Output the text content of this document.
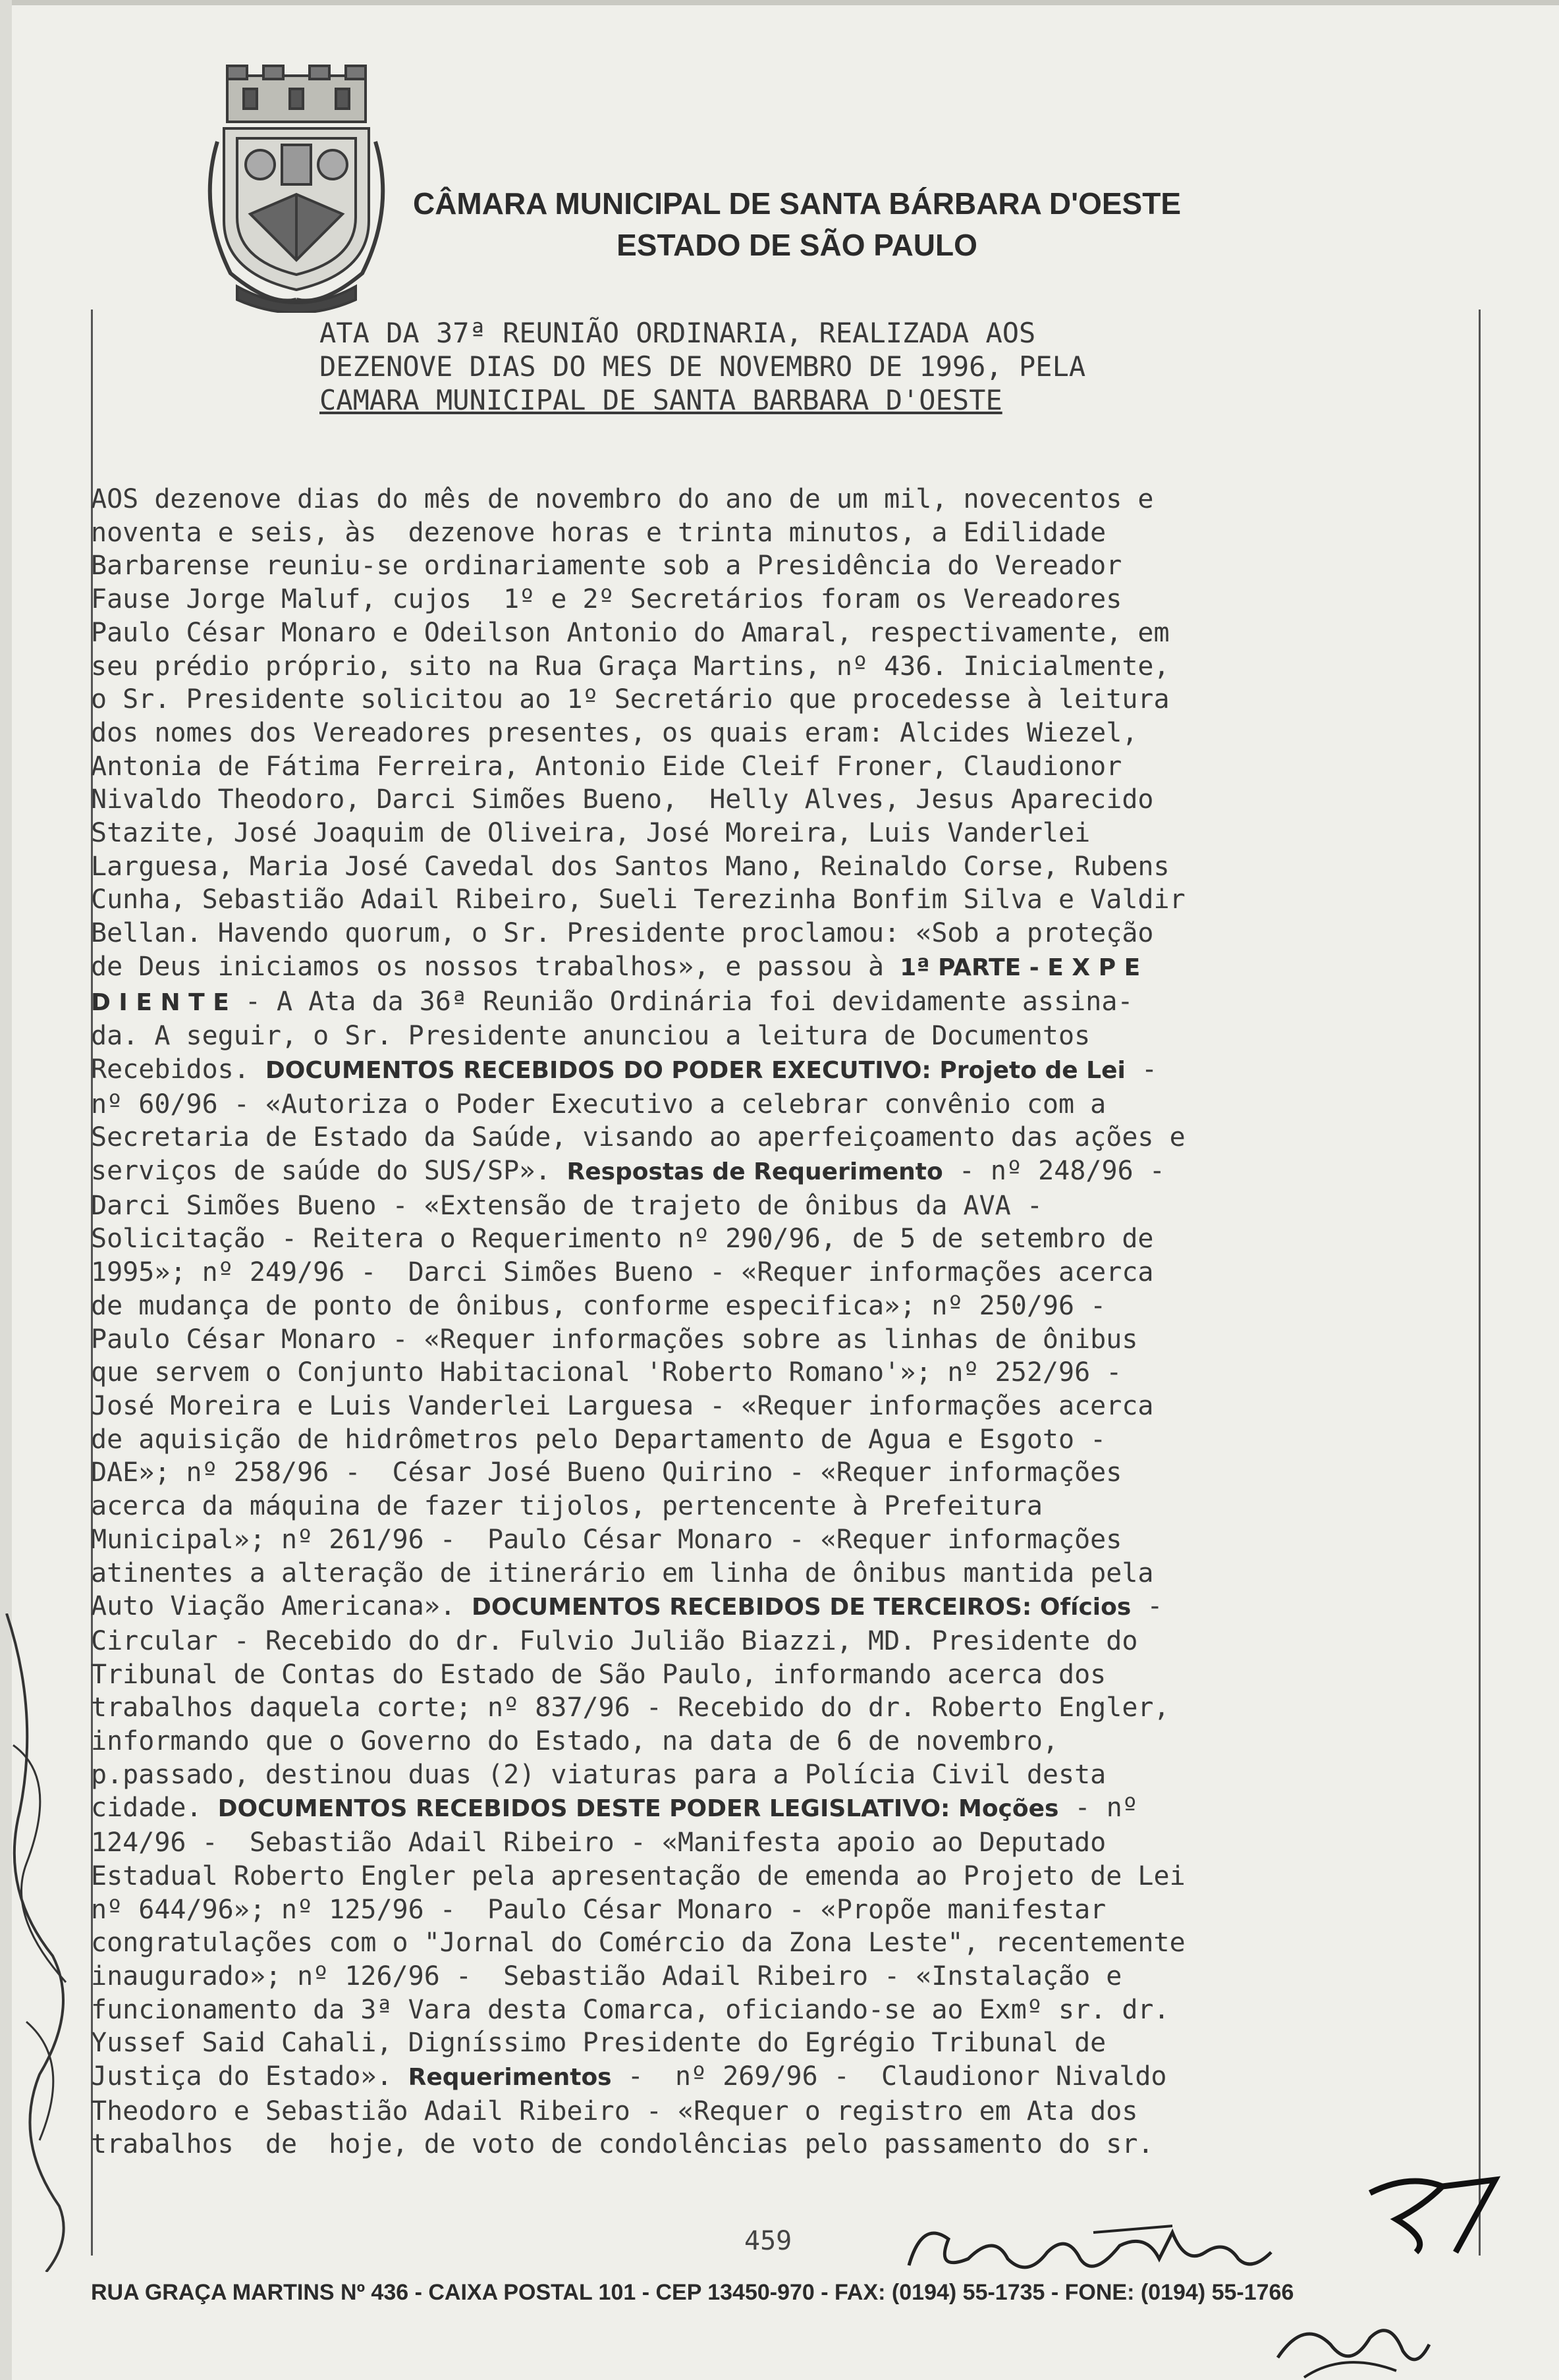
CÂMARA MUNICIPAL DE SANTA BÁRBARA D'OESTE
ESTADO DE SÃO PAULO
ATA DA 37ª REUNIÃO ORDINARIA, REALIZADA AOS
DEZENOVE DIAS DO MES DE NOVEMBRO DE 1996, PELA
CAMARA MUNICIPAL DE SANTA BARBARA D'OESTE
AOS dezenove dias do mês de novembro do ano de um mil, novecentos e
noventa e seis, às  dezenove horas e trinta minutos, a Edilidade
Barbarense reuniu-se ordinariamente sob a Presidência do Vereador
Fause Jorge Maluf, cujos  1º e 2º Secretários foram os Vereadores
Paulo César Monaro e Odeilson Antonio do Amaral, respectivamente, em
seu prédio próprio, sito na Rua Graça Martins, nº 436. Inicialmente,
o Sr. Presidente solicitou ao 1º Secretário que procedesse à leitura
dos nomes dos Vereadores presentes, os quais eram: Alcides Wiezel,
Antonia de Fátima Ferreira, Antonio Eide Cleif Froner, Claudionor
Nivaldo Theodoro, Darci Simões Bueno,  Helly Alves, Jesus Aparecido
Stazite, José Joaquim de Oliveira, José Moreira, Luis Vanderlei
Larguesa, Maria José Cavedal dos Santos Mano, Reinaldo Corse, Rubens
Cunha, Sebastião Adail Ribeiro, Sueli Terezinha Bonfim Silva e Valdir
Bellan. Havendo quorum, o Sr. Presidente proclamou: «Sob a proteção
de Deus iniciamos os nossos trabalhos», e passou à 1ª PARTE - E X P E
D I E N T E - A Ata da 36ª Reunião Ordinária foi devidamente assina-
da. A seguir, o Sr. Presidente anunciou a leitura de Documentos
Recebidos. DOCUMENTOS RECEBIDOS DO PODER EXECUTIVO: Projeto de Lei -
nº 60/96 - «Autoriza o Poder Executivo a celebrar convênio com a
Secretaria de Estado da Saúde, visando ao aperfeiçoamento das ações e
serviços de saúde do SUS/SP». Respostas de Requerimento - nº 248/96 -
Darci Simões Bueno - «Extensão de trajeto de ônibus da AVA -
Solicitação - Reitera o Requerimento nº 290/96, de 5 de setembro de
1995»; nº 249/96 -  Darci Simões Bueno - «Requer informações acerca
de mudança de ponto de ônibus, conforme especifica»; nº 250/96 -
Paulo César Monaro - «Requer informações sobre as linhas de ônibus
que servem o Conjunto Habitacional 'Roberto Romano'»; nº 252/96 -
José Moreira e Luis Vanderlei Larguesa - «Requer informações acerca
de aquisição de hidrômetros pelo Departamento de Agua e Esgoto -
DAE»; nº 258/96 -  César José Bueno Quirino - «Requer informações
acerca da máquina de fazer tijolos, pertencente à Prefeitura
Municipal»; nº 261/96 -  Paulo César Monaro - «Requer informações
atinentes a alteração de itinerário em linha de ônibus mantida pela
Auto Viação Americana». DOCUMENTOS RECEBIDOS DE TERCEIROS: Ofícios -
Circular - Recebido do dr. Fulvio Julião Biazzi, MD. Presidente do
Tribunal de Contas do Estado de São Paulo, informando acerca dos
trabalhos daquela corte; nº 837/96 - Recebido do dr. Roberto Engler,
informando que o Governo do Estado, na data de 6 de novembro,
p.passado, destinou duas (2) viaturas para a Polícia Civil desta
cidade. DOCUMENTOS RECEBIDOS DESTE PODER LEGISLATIVO: Moções - nº
124/96 -  Sebastião Adail Ribeiro - «Manifesta apoio ao Deputado
Estadual Roberto Engler pela apresentação de emenda ao Projeto de Lei
nº 644/96»; nº 125/96 -  Paulo César Monaro - «Propõe manifestar
congratulações com o "Jornal do Comércio da Zona Leste", recentemente
inaugurado»; nº 126/96 -  Sebastião Adail Ribeiro - «Instalação e
funcionamento da 3ª Vara desta Comarca, oficiando-se ao Exmº sr. dr.
Yussef Said Cahali, Digníssimo Presidente do Egrégio Tribunal de
Justiça do Estado». Requerimentos -  nº 269/96 -  Claudionor Nivaldo
Theodoro e Sebastião Adail Ribeiro - «Requer o registro em Ata dos
trabalhos  de  hoje, de voto de condolências pelo passamento do sr.
459
RUA GRAÇA MARTINS Nº 436 - CAIXA POSTAL 101 - CEP 13450-970 - FAX: (0194) 55-1735 - FONE: (0194) 55-1766
